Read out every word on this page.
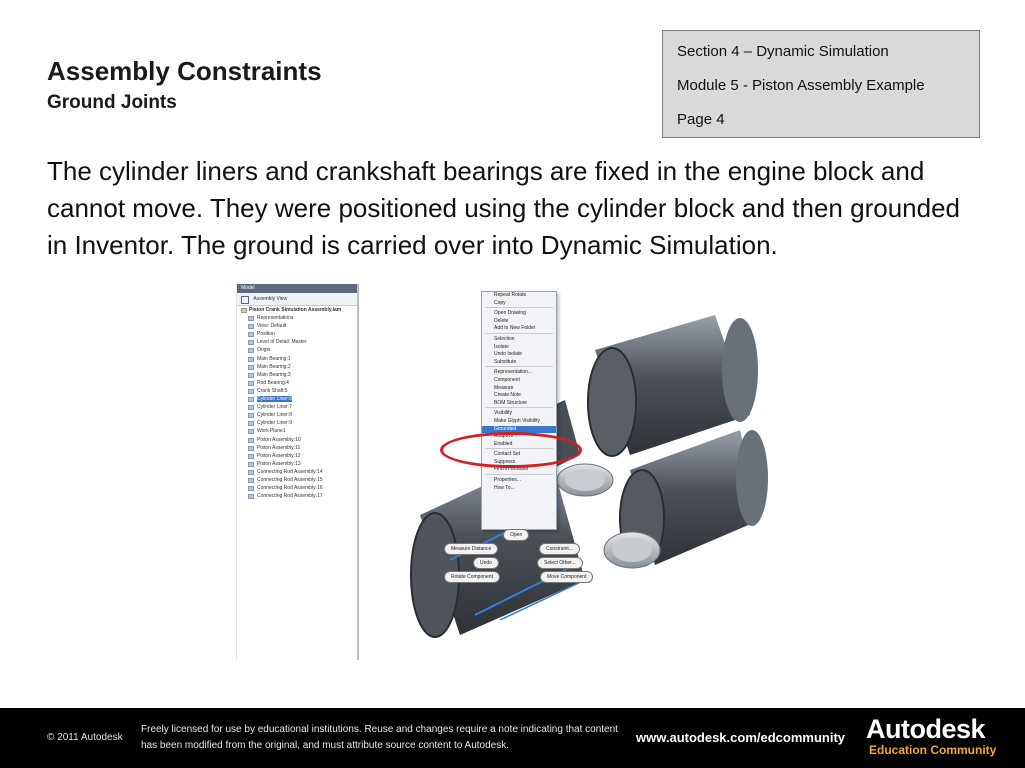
Assembly Constraints
Ground Joints
Section 4 – Dynamic Simulation
Module 5 - Piston Assembly Example
Page 4
The cylinder liners and crankshaft bearings are fixed in the engine block and cannot move. They were positioned using the cylinder block and then grounded in Inventor. The ground is carried over into Dynamic Simulation.
Model
Assembly View
Piston Crank Simulation Assembly.iam
Representations
View: Default
Position
Level of Detail: Master
Origin
Main Bearing:1
Main Bearing:2
Main Bearing:3
Rod Bearing:4
Crank Shaft:5
Cylinder Liner:6
Cylinder Liner:7
Cylinder Liner:8
Cylinder Liner:9
Work Plane1
Piston Assembly:10
Piston Assembly:11
Piston Assembly:12
Piston Assembly:13
Connecting Rod Assembly:14
Connecting Rod Assembly:15
Connecting Rod Assembly:16
Connecting Rod Assembly:17
Repeat Rotate
Copy
Open Drawing
Delete
Add to New Folder
Selection
Isolate
Undo Isolate
Substitute
Representation...
Component
Measure
Create Note
BOM Structure
Visibility
Make Glyph Visibility
Grounded
Adaptive
Enabled
Contact Set
Suppress
Find in Browser
Properties...
How To...
Open
Measure Distance	Constraint...
Undo	Select Other...
Rotate Component	Move Component
© 2011 Autodesk
Freely licensed for use by educational institutions. Reuse and changes require a note indicating that content has been modified from the original, and must attribute source content to Autodesk.
www.autodesk.com/edcommunity Autodesk
Education Community
